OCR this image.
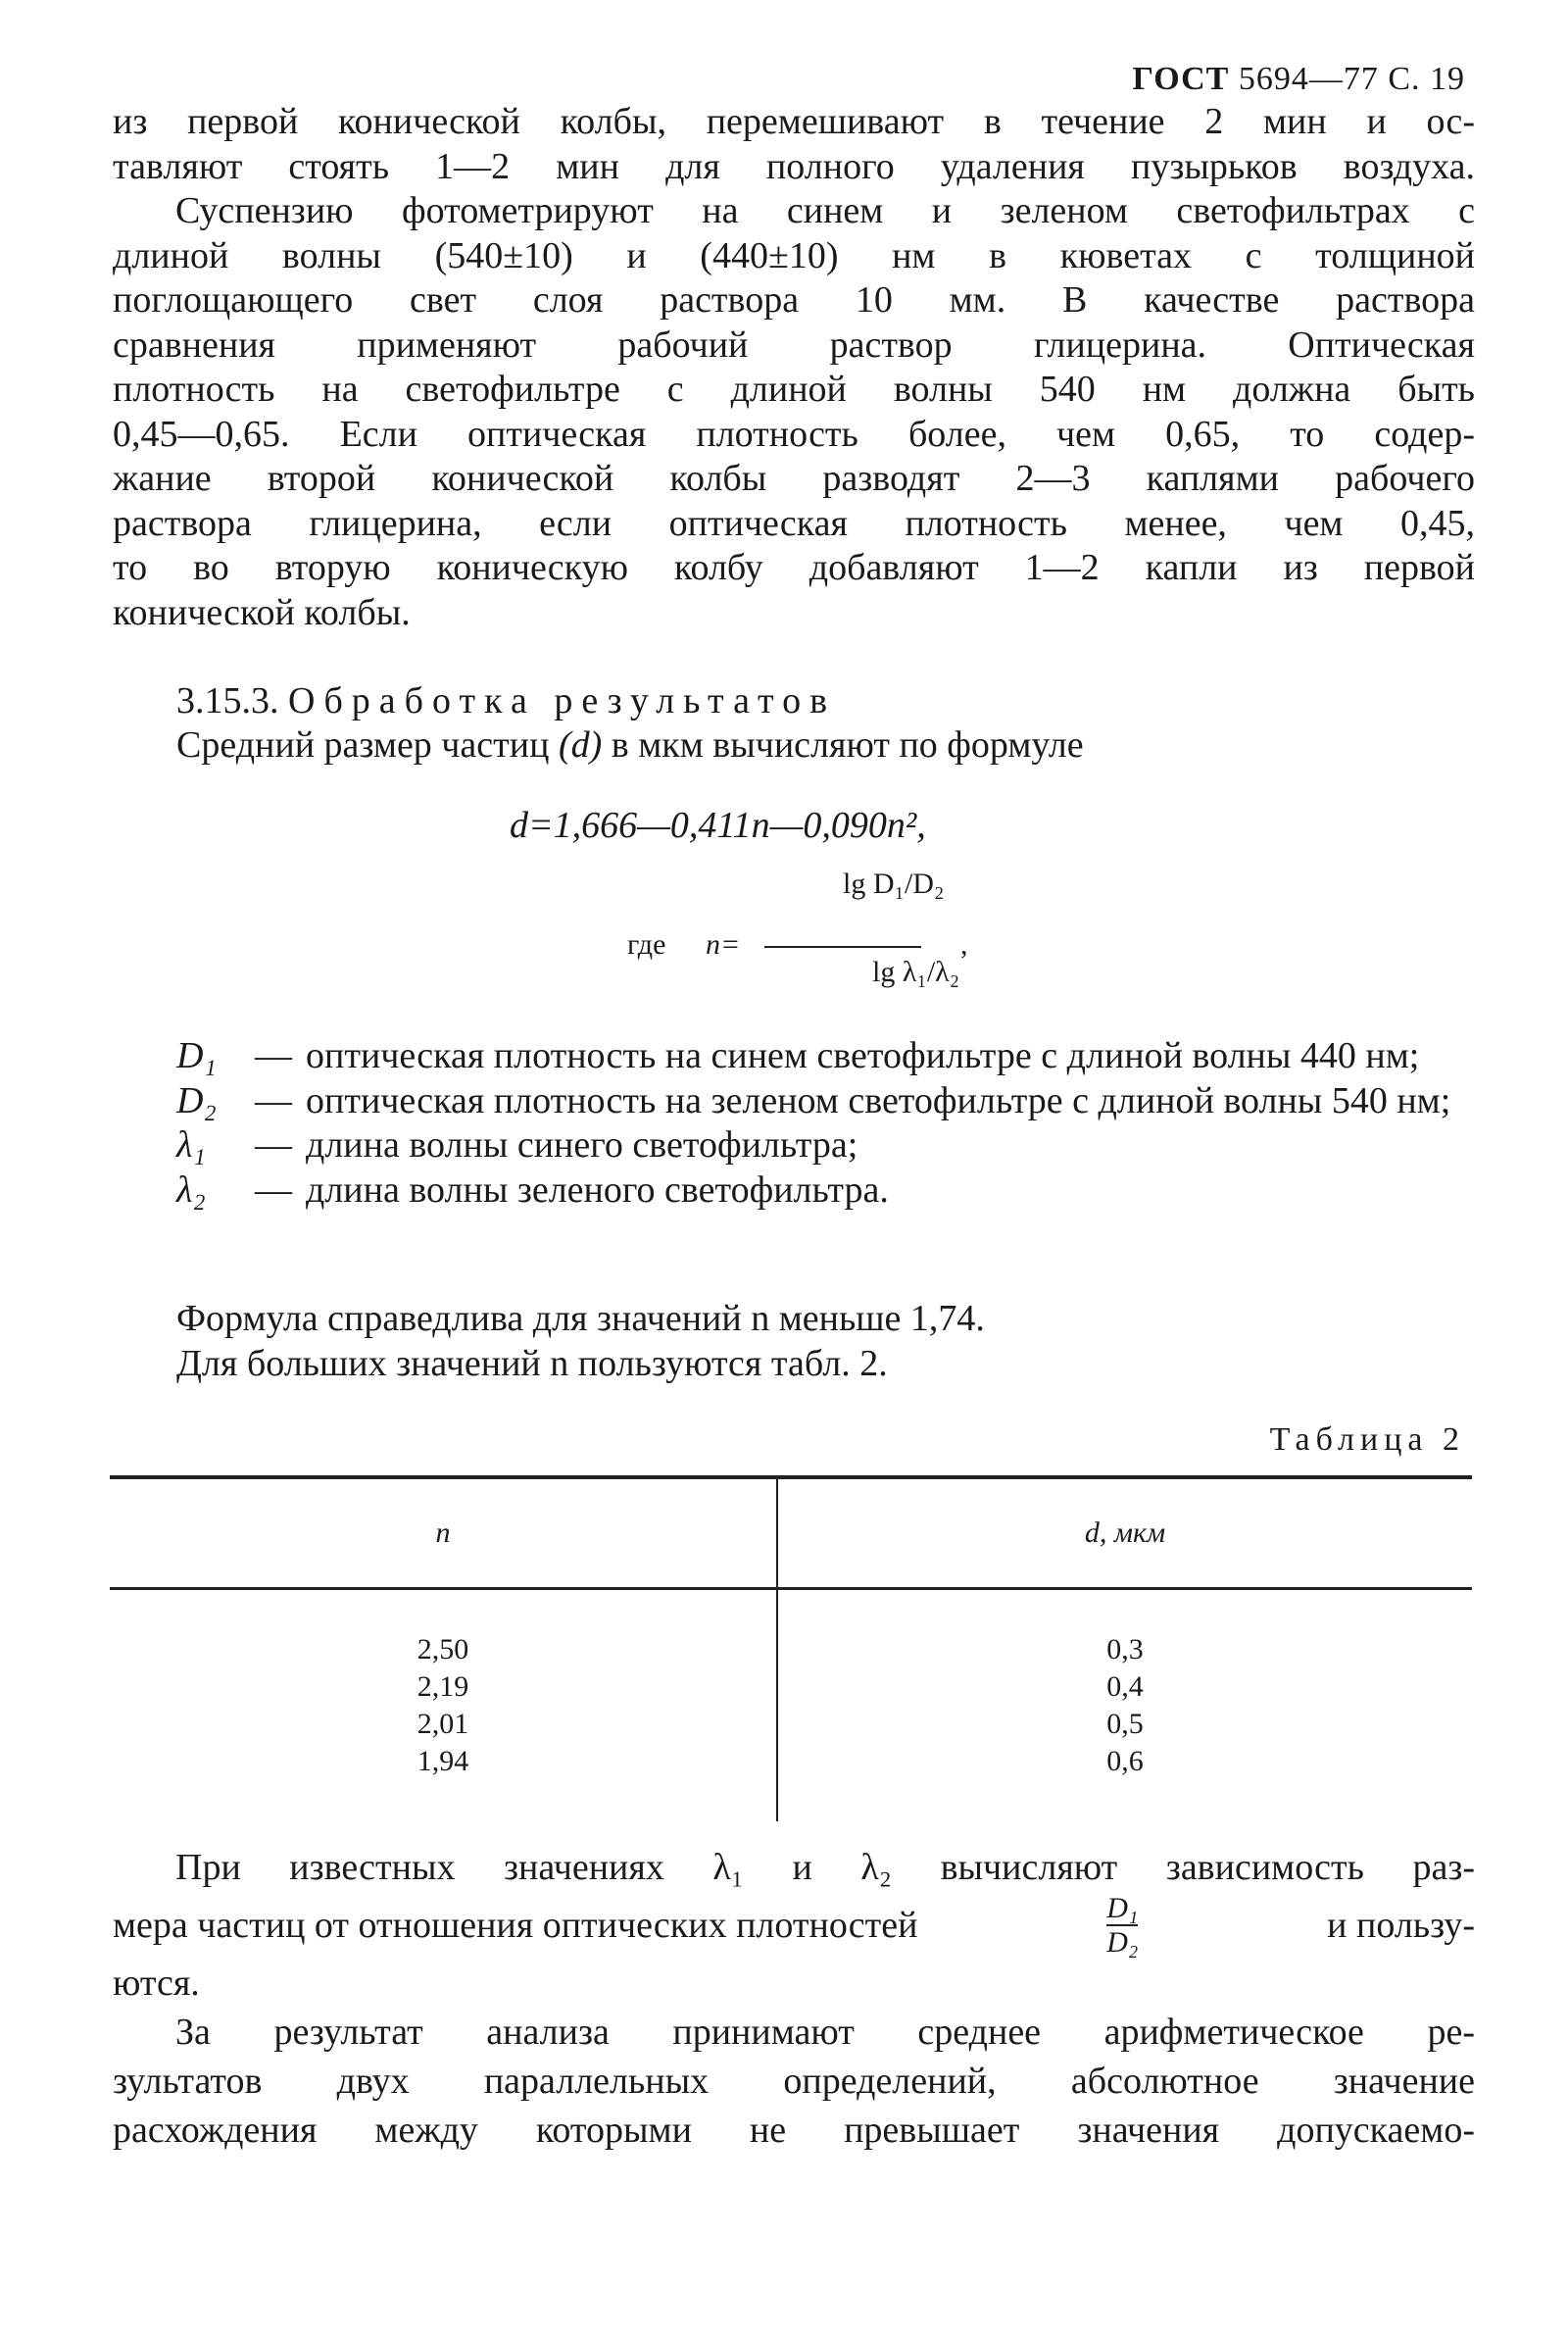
ГОСТ 5694—77 С. 19
из первой конической колбы, перемешивают в течение 2 мин и ос-
тавляют стоять 1—2 мин для полного удаления пузырьков воздуха.
Суспензию фотометрируют на синем и зеленом светофильтрах с
длиной волны (540±10) и (440±10) нм в кюветах с толщиной
поглощающего свет слоя раствора 10 мм. В качестве раствора
сравнения применяют рабочий раствор глицерина. Оптическая
плотность на светофильтре с длиной волны 540 нм должна быть
0,45—0,65. Если оптическая плотность более, чем 0,65, то содер-
жание второй конической колбы разводят 2—3 каплями рабочего
раствора глицерина, если оптическая плотность менее, чем 0,45,
то во вторую коническую колбу добавляют 1—2 капли из первой
конической колбы.
3.15.3. Обработка результатов
Средний размер частиц (d) в мкм вычисляют по формуле
d=1,666—0,411n—0,090n²,
где n=
lg D₁/D₂
lg λ₁/λ₂
,

D₁ — оптическая плотность на синем светофильтре с длиной волны 440 нм;

D₂ — оптическая плотность на зеленом светофильтре с длиной волны 540 нм;

λ₁ — длина волны синего светофильтра;

λ₂ — длина волны зеленого светофильтра.

Формула справедлива для значений n меньше 1,74.
Для больших значений n пользуются табл. 2.
Таблица 2
n	d, мкм

2,50	0,3
2,19	0,4
2,01	0,5
1,94	0,6

При известных значениях λ₁ и λ₂ вычисляют зависимость раз-
мера частиц от отношения оптических плотностей	$\frac{\text{D₁}}{\text{D₂}}$	и пользу-
ются.
За результат анализа принимают среднее арифметическое ре-
зультатов двух параллельных определений, абсолютное значение
расхождения между которыми не превышает значения допускаемо-
